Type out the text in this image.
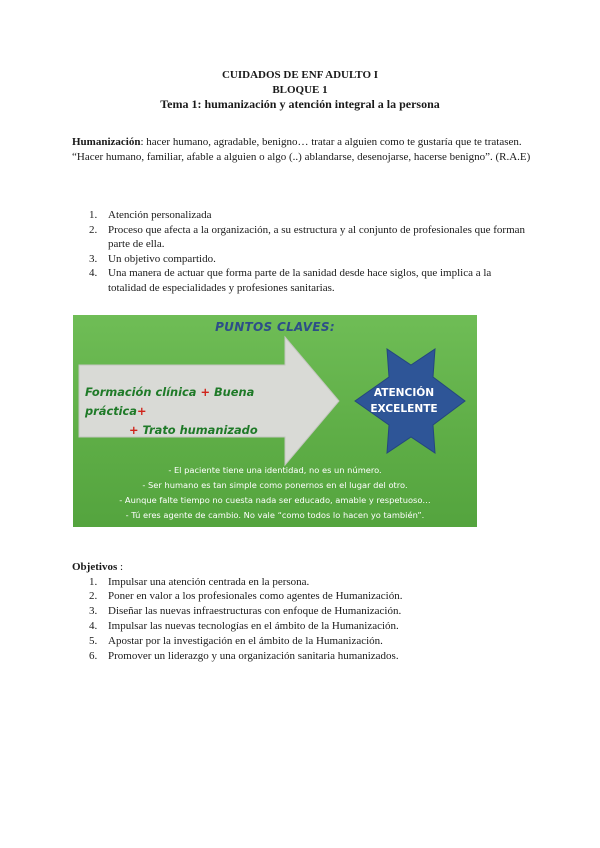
CUIDADOS DE ENF ADULTO I
BLOQUE 1
Tema 1: humanización y atención integral a la persona

Humanización: hacer humano, agradable, benigno… tratar a alguien como te gustaría que te tratasen.

“Hacer humano, familiar, afable a alguien o algo (..) ablandarse, desenojarse, hacerse benigno”. (R.A.E)

1. Atención personalizada
2. Proceso que afecta a la organización, a su estructura y al conjunto de profesionales que forman parte de ella.
3. Un objetivo compartido.
4. Una manera de actuar que forma parte de la sanidad desde hace siglos, que implica a la totalidad de especialidades y profesiones sanitarias.
PUNTOS CLAVES:
Formación clínica + Buena práctica+
+ Trato humanizado
ATENCIÓN
EXCELENTE
- El paciente tiene una identidad, no es un número.
- Ser humano es tan simple como ponernos en el lugar del otro.
- Aunque falte tiempo no cuesta nada ser educado, amable y respetuoso…
- Tú eres agente de cambio. No vale “como todos lo hacen yo también”.
Objetivos :
1. Impulsar una atención centrada en la persona.
2. Poner en valor a los profesionales como agentes de Humanización.
3. Diseñar las nuevas infraestructuras con enfoque de Humanización.
4. Impulsar las nuevas tecnologías en el ámbito de la Humanización.
5. Apostar por la investigación en el ámbito de la Humanización.
6. Promover un liderazgo y una organización sanitaria humanizados.
